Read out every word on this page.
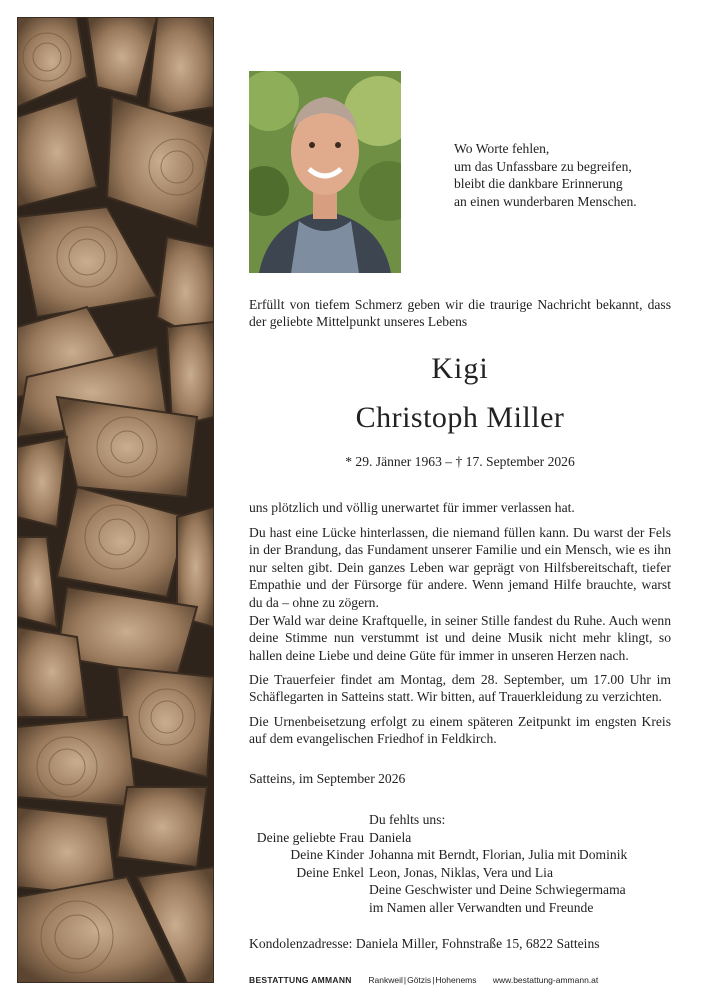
Wo Worte fehlen,
um das Unfassbare zu begreifen,
bleibt die dankbare Erinnerung
an einen wunderbaren Menschen.
Erfüllt von tiefem Schmerz geben wir die traurige Nachricht bekannt, dass der geliebte Mittelpunkt unseres Lebens
Kigi
Christoph Miller
* 29. Jänner 1963 – † 17. September 2026
uns plötzlich und völlig unerwartet für immer verlassen hat.
Du hast eine Lücke hinterlassen, die niemand füllen kann. Du warst der Fels in der Brandung, das Fundament unserer Familie und ein Mensch, wie es ihn nur selten gibt. Dein ganzes Leben war geprägt von Hilfsbereitschaft, tiefer Empathie und der Fürsorge für andere. Wenn jemand Hilfe brauchte, warst du da – ohne zu zögern.
Der Wald war deine Kraftquelle, in seiner Stille fandest du Ruhe. Auch wenn deine Stimme nun verstummt ist und deine Musik nicht mehr klingt, so hallen deine Liebe und deine Güte für immer in unseren Herzen nach.
Die Trauerfeier findet am Montag, dem 28. September, um 17.00 Uhr im Schäflegarten in Satteins statt. Wir bitten, auf Trauerkleidung zu verzichten.
Die Urnenbeisetzung erfolgt zu einem späteren Zeitpunkt im engsten Kreis auf dem evangelischen Friedhof in Feldkirch.
Satteins, im September 2026
Du fehlts uns:
Deine geliebte Frau Daniela
Deine Kinder Johanna mit Berndt, Florian, Julia mit Dominik
Deine Enkel Leon, Jonas, Niklas, Vera und Lia
Deine Geschwister und Deine Schwiegermama
im Namen aller Verwandten und Freunde
Kondolenzadresse: Daniela Miller, Fohnstraße 15, 6822 Satteins
BESTATTUNG AMMANN Rankweil|Götzis|Hohenems www.bestattung-ammann.at
